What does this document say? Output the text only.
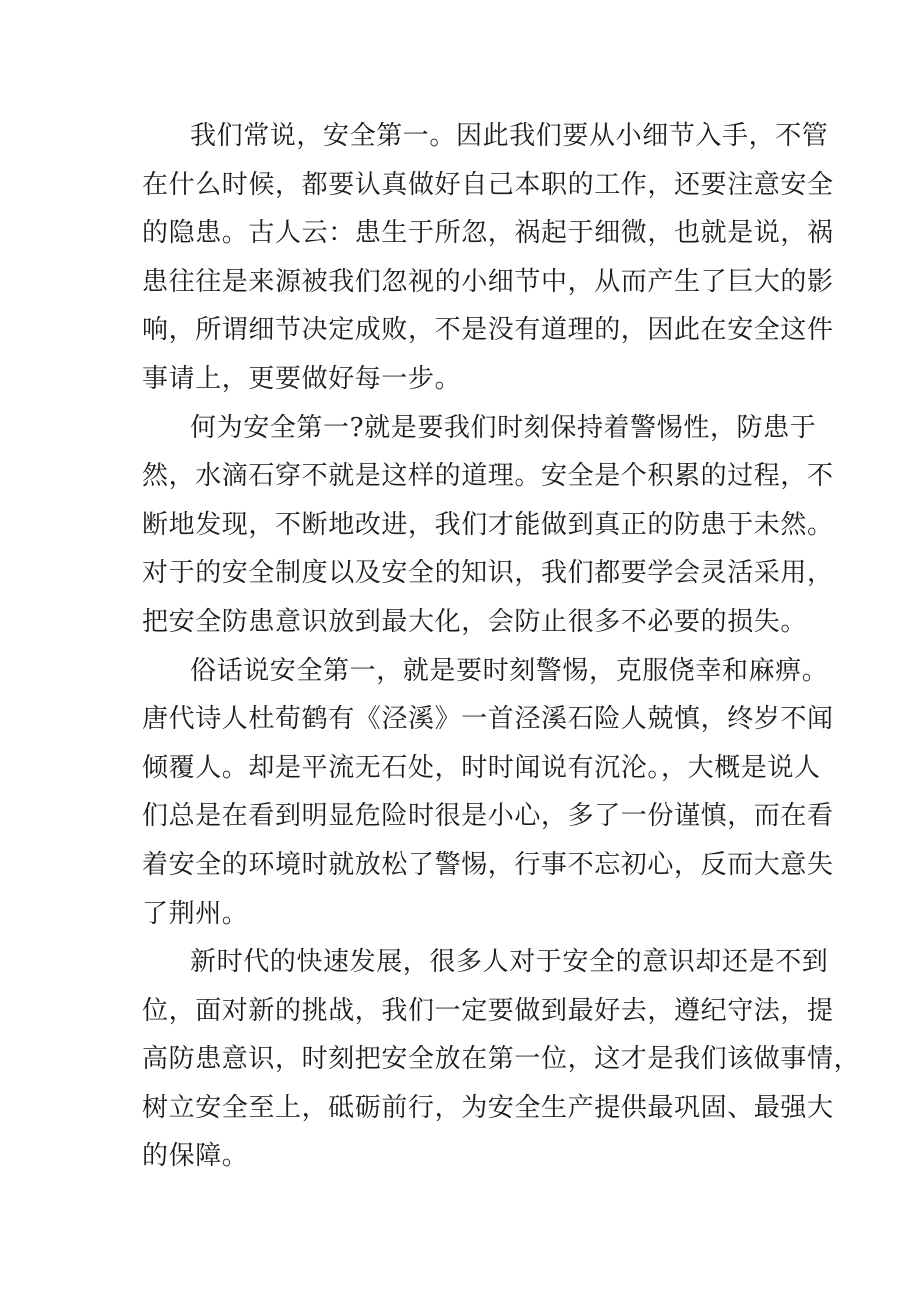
我们常说，安全第一。因此我们要从小细节入手，不管
在什么时候，都要认真做好自己本职的工作，还要注意安全
的隐患。古人云：患生于所忽，祸起于细微，也就是说，祸
患往往是来源被我们忽视的小细节中，从而产生了巨大的影
响，所谓细节决定成败，不是没有道理的，因此在安全这件
事请上，更要做好每一步。
何为安全第一?就是要我们时刻保持着警惕性，防患于
然，水滴石穿不就是这样的道理。安全是个积累的过程，不
断地发现，不断地改进，我们才能做到真正的防患于未然。
对于的安全制度以及安全的知识，我们都要学会灵活采用，
把安全防患意识放到最大化，会防止很多不必要的损失。
俗话说安全第一，就是要时刻警惕，克服侥幸和麻痹。
唐代诗人杜荀鹤有《泾溪》一首泾溪石险人兢慎，终岁不闻
倾覆人。却是平流无石处，时时闻说有沉沦。，大概是说人
们总是在看到明显危险时很是小心，多了一份谨慎，而在看
着安全的环境时就放松了警惕，行事不忘初心，反而大意失
了荆州。
新时代的快速发展，很多人对于安全的意识却还是不到
位，面对新的挑战，我们一定要做到最好去，遵纪守法，提
高防患意识，时刻把安全放在第一位，这才是我们该做事情，
树立安全至上，砥砺前行，为安全生产提供最巩固、最强大
的保障。
